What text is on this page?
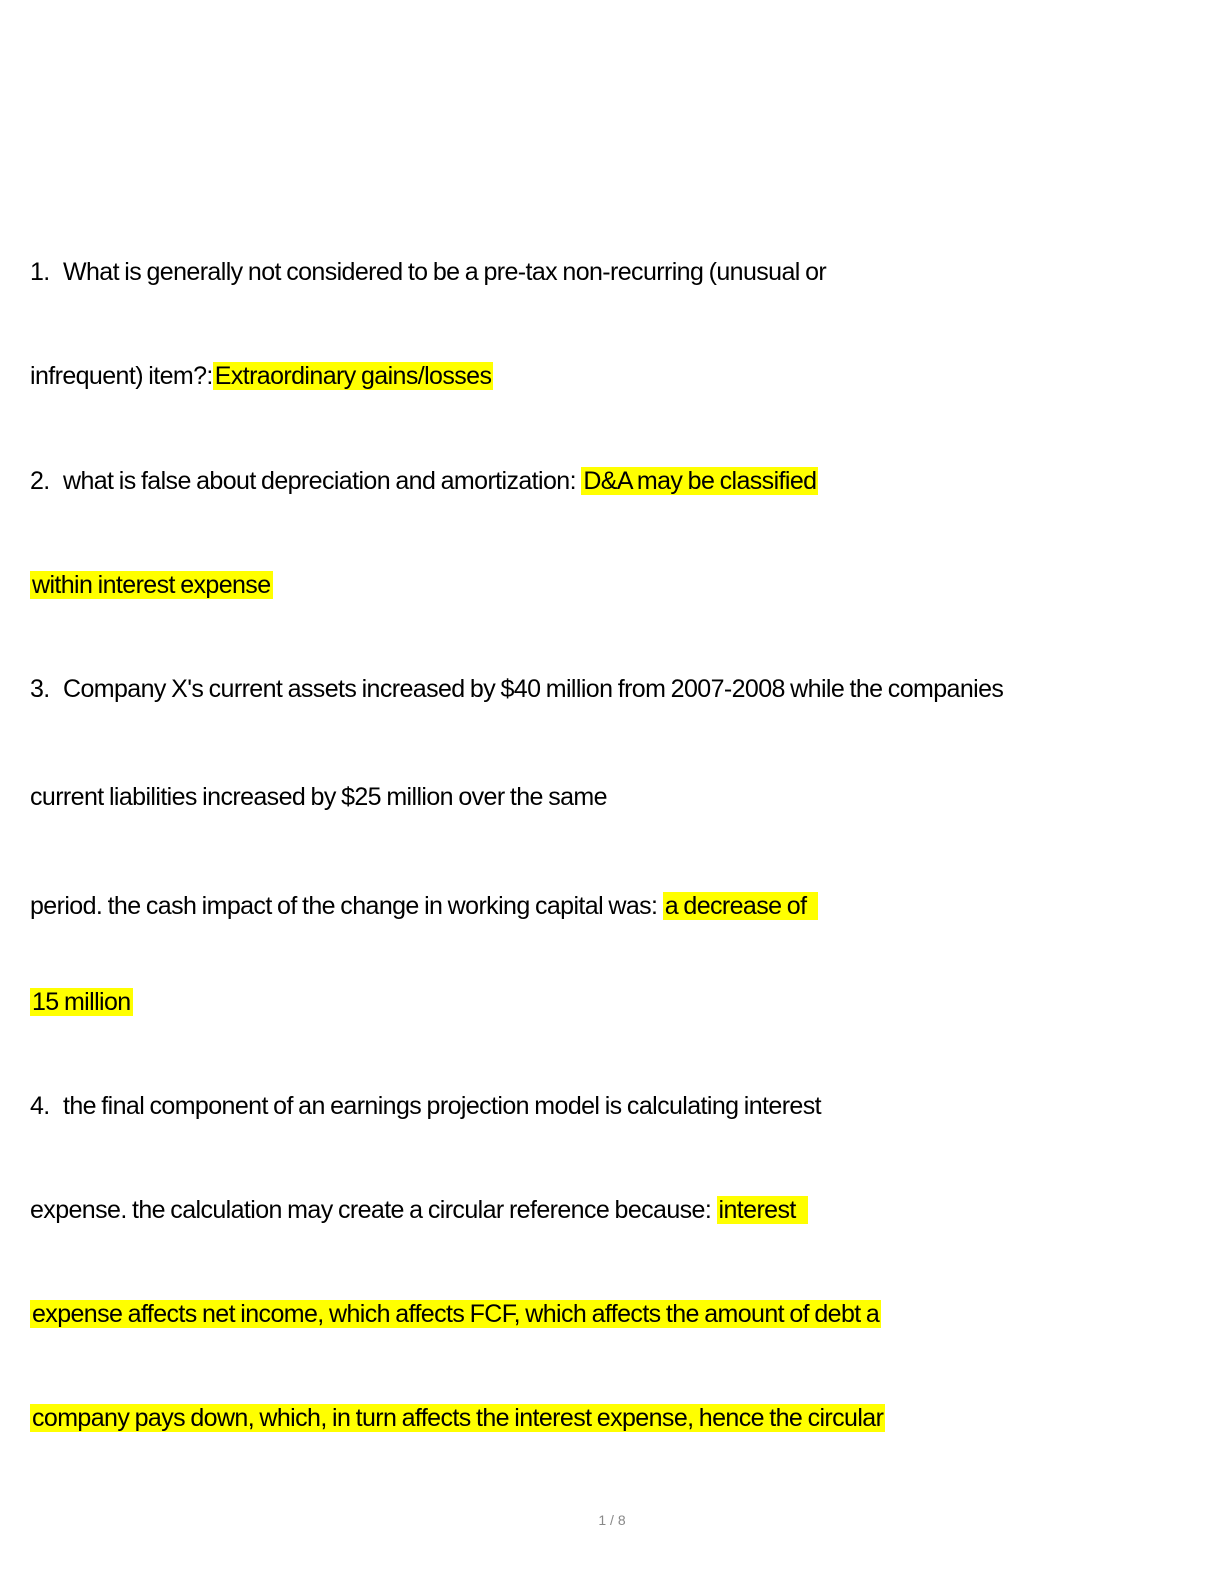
1. What is generally not considered to be a pre-tax non-recurring (unusual or
infrequent) item?:Extraordinary gains/losses
2. what is false about depreciation and amortization: D&A may be classified
within interest expense
3. Company X's current assets increased by $40 million from 2007-2008 while the companies
current liabilities increased by $25 million over the same
period. the cash impact of the change in working capital was: a decrease of
15 million
4. the final component of an earnings projection model is calculating interest
expense. the calculation may create a circular reference because: interest
expense affects net income, which affects FCF, which affects the amount of debt a
company pays down, which, in turn affects the interest expense, hence the circular
1 / 8
